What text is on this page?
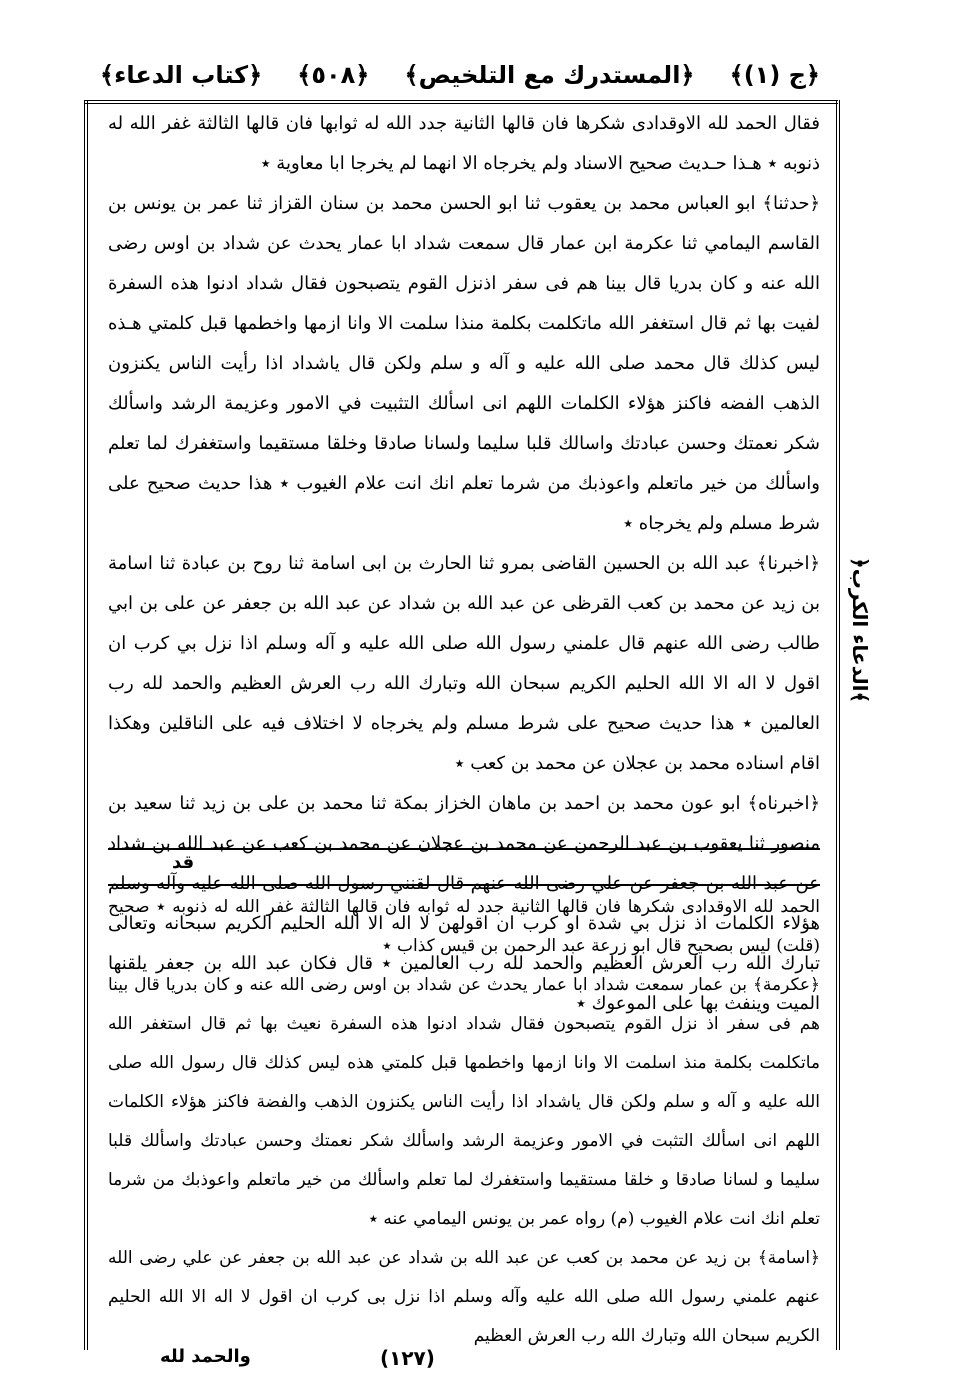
﴿ج (١)﴾
﴿المستدرك مع التلخيص﴾
﴿٥٠٨﴾
﴿كتاب الدعاء﴾
﴿الدعاء الكرب﴾

فقال الحمد لله الاوقدادى شكرها فان قالها الثانية جدد الله له ثوابها فان قالها الثالثة غفر الله له ذنوبه ٭ هـذا حـديث صحيح الاسناد ولم يخرجاه الا انهما لم يخرجا ابا معاوية ٭

﴿حدثنا﴾ ابو العباس محمد بن يعقوب ثنا ابو الحسن محمد بن سنان القزاز ثنا عمر بن يونس بن القاسم اليمامي ثنا عكرمة ابن عمار قال سمعت شداد ابا عمار يحدث عن شداد بن اوس رضى الله عنه و كان بدريا قال بينا هم فى سفر اذنزل القوم يتصبحون فقال شداد ادنوا هذه السفرة لفيت بها ثم قال استغفر الله ماتكلمت بكلمة منذا سلمت الا وانا ازمها واخطمها قبل كلمتي هـذه ليس كذلك قال محمد صلى الله عليه و آله و سلم ولكن قال ياشداد اذا رأيت الناس يكنزون الذهب الفضه فاكنز هؤلاء الكلمات اللهم انى اسألك التثبيت في الامور وعزيمة الرشد واسألك شكر نعمتك وحسن عبادتك واسالك قلبا سليما ولسانا صادقا وخلقا مستقيما واستغفرك لما تعلم واسألك من خير ماتعلم واعوذبك من شرما تعلم انك انت علام الغيوب ٭ هذا حديث صحيح على شرط مسلم ولم يخرجاه ٭

﴿اخبرنا﴾ عبد الله بن الحسين القاضى بمرو ثنا الحارث بن ابى اسامة ثنا روح بن عبادة ثنا اسامة بن زيد عن محمد بن كعب القرظى عن عبد الله بن شداد عن عبد الله بن جعفر عن على بن ابي طالب رضى الله عنهم قال علمني رسول الله صلى الله عليه و آله وسلم اذا نزل بي كرب ان اقول لا اله الا الله الحليم الكريم سبحان الله وتبارك الله رب العرش العظيم والحمد لله رب العالمين ٭ هذا حديث صحيح على شرط مسلم ولم يخرجاه لا اختلاف فيه على الناقلين وهكذا اقام اسناده محمد بن عجلان عن محمد بن كعب ٭

﴿اخبرناه﴾ ابو عون محمد بن احمد بن ماهان الخزاز بمكة ثنا محمد بن على بن زيد ثنا سعيد بن منصور ثنا يعقوب بن عبد الرحمن عن محمد بن عجلان عن محمد بن كعب عن عبد الله بن شداد عن عبد الله بن جعفر عن علي رضى الله عنهم قال لقنني رسول الله صلى الله عليه وآله وسلم هؤلاء الكلمات اذ نزل بي شدة او كرب ان اقولهن لا اله الا الله الحليم الكريم سبحانه وتعالى تبارك الله رب العرش العظيم والحمد لله رب العالمين ٭ قال فكان عبد الله بن جعفر يلقنها الميت وينفث بها على الموعوك ٭

قد

الحمد لله الاوقدادى شكرها فان قالها الثانية جدد له ثوابه فان قالها الثالثة غفر الله له ذنوبه ٭ صحيح (قلت) ليس بصحيح قال ابو زرعة عبد الرحمن بن قيس كذاب ٭

﴿عكرمة﴾ بن عمار سمعت شداد ابا عمار يحدث عن شداد بن اوس رضى الله عنه و كان بدريا قال بينا هم فى سفر اذ نزل القوم يتصبحون فقال شداد ادنوا هذه السفرة نعيث بها ثم قال استغفر الله ماتكلمت بكلمة منذ اسلمت الا وانا ازمها واخطمها قبل كلمتي هذه ليس كذلك قال رسول الله صلى الله عليه و آله و سلم ولكن قال ياشداد اذا رأيت الناس يكنزون الذهب والفضة فاكنز هؤلاء الكلمات اللهم انى اسألك التثبت في الامور وعزيمة الرشد واسألك شكر نعمتك وحسن عبادتك واسألك قلبا سليما و لسانا صادقا و خلقا مستقيما واستغفرك لما تعلم واسألك من خير ماتعلم واعوذبك من شرما تعلم انك انت علام الغيوب (م) رواه عمر بن يونس اليمامي عنه ٭

﴿اسامة﴾ بن زيد عن محمد بن كعب عن عبد الله بن شداد عن عبد الله بن جعفر عن علي رضى الله عنهم علمني رسول الله صلى الله عليه وآله وسلم اذا نزل بى كرب ان اقول لا اله الا الله الحليم الكريم سبحان الله وتبارك الله رب العرش العظيم

(١٢٧)
والحمد لله
